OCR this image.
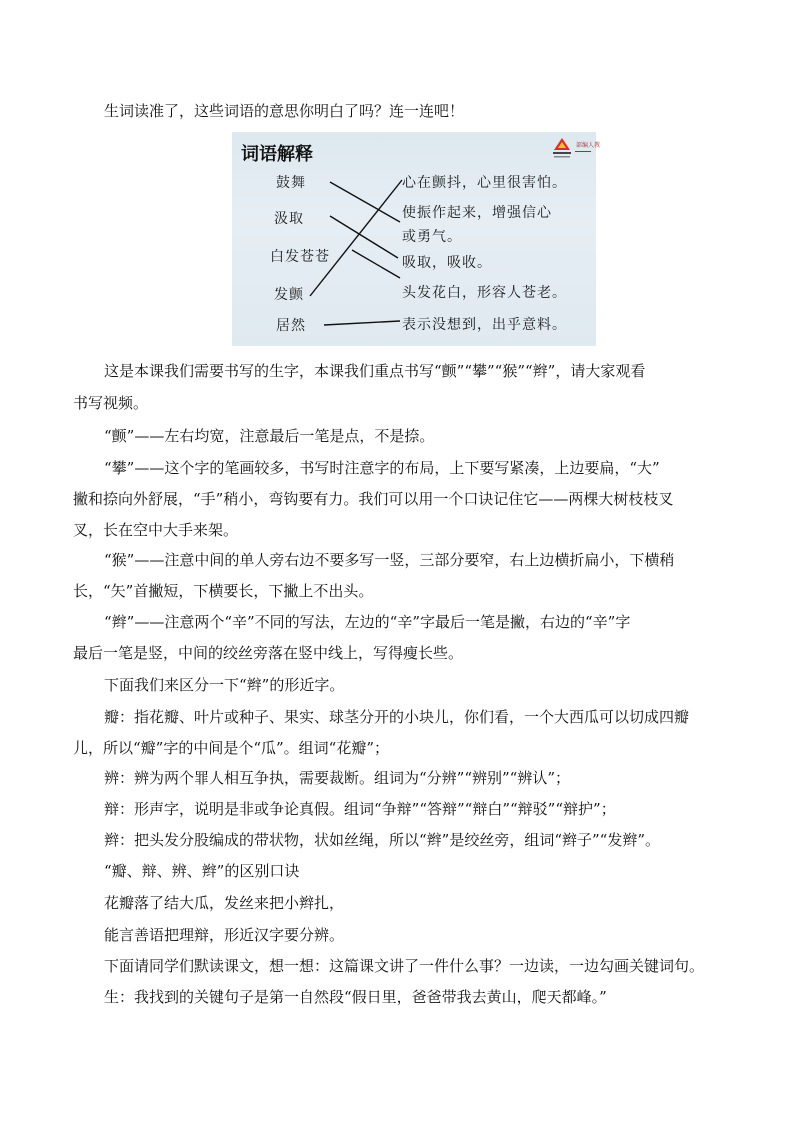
生词读准了，这些词语的意思你明白了吗？连一连吧！
词语解释	部编人教
鼓舞
汲取
白发苍苍
发颤
居然
心在颤抖，心里很害怕。
使振作起来，增强信心
或勇气。
吸取，吸收。
头发花白，形容人苍老。
表示没想到，出乎意料。
这是本课我们需要书写的生字，本课我们重点书写“颤”“攀”“猴”“辫”，请大家观看
书写视频。
“颤”——左右均宽，注意最后一笔是点，不是捺。
“攀”——这个字的笔画较多，书写时注意字的布局，上下要写紧凑，上边要扁，“大”
撇和捺向外舒展，“手”稍小，弯钩要有力。我们可以用一个口诀记住它——两棵大树枝枝叉
叉，长在空中大手来架。
“猴”——注意中间的单人旁右边不要多写一竖，三部分要窄，右上边横折扁小，下横稍
长，“矢”首撇短，下横要长，下撇上不出头。
“辫”——注意两个“辛”不同的写法，左边的“辛”字最后一笔是撇，右边的“辛”字
最后一笔是竖，中间的绞丝旁落在竖中线上，写得瘦长些。
下面我们来区分一下“辫”的形近字。
瓣：指花瓣、叶片或种子、果实、球茎分开的小块儿，你们看，一个大西瓜可以切成四瓣
儿，所以“瓣”字的中间是个“瓜”。组词“花瓣”；
辨：辨为两个罪人相互争执，需要裁断。组词为“分辨”“辨别”“辨认”；
辩：形声字，说明是非或争论真假。组词“争辩”“答辩”“辩白”“辩驳”“辩护”；
辫：把头发分股编成的带状物，状如丝绳，所以“辫”是绞丝旁，组词“辫子”“发辫”。
“瓣、辩、辨、辫”的区别口诀
花瓣落了结大瓜，发丝来把小辫扎，
能言善语把理辩，形近汉字要分辨。
下面请同学们默读课文，想一想：这篇课文讲了一件什么事？一边读，一边勾画关键词句。
生：我找到的关键句子是第一自然段“假日里，爸爸带我去黄山，爬天都峰。”
